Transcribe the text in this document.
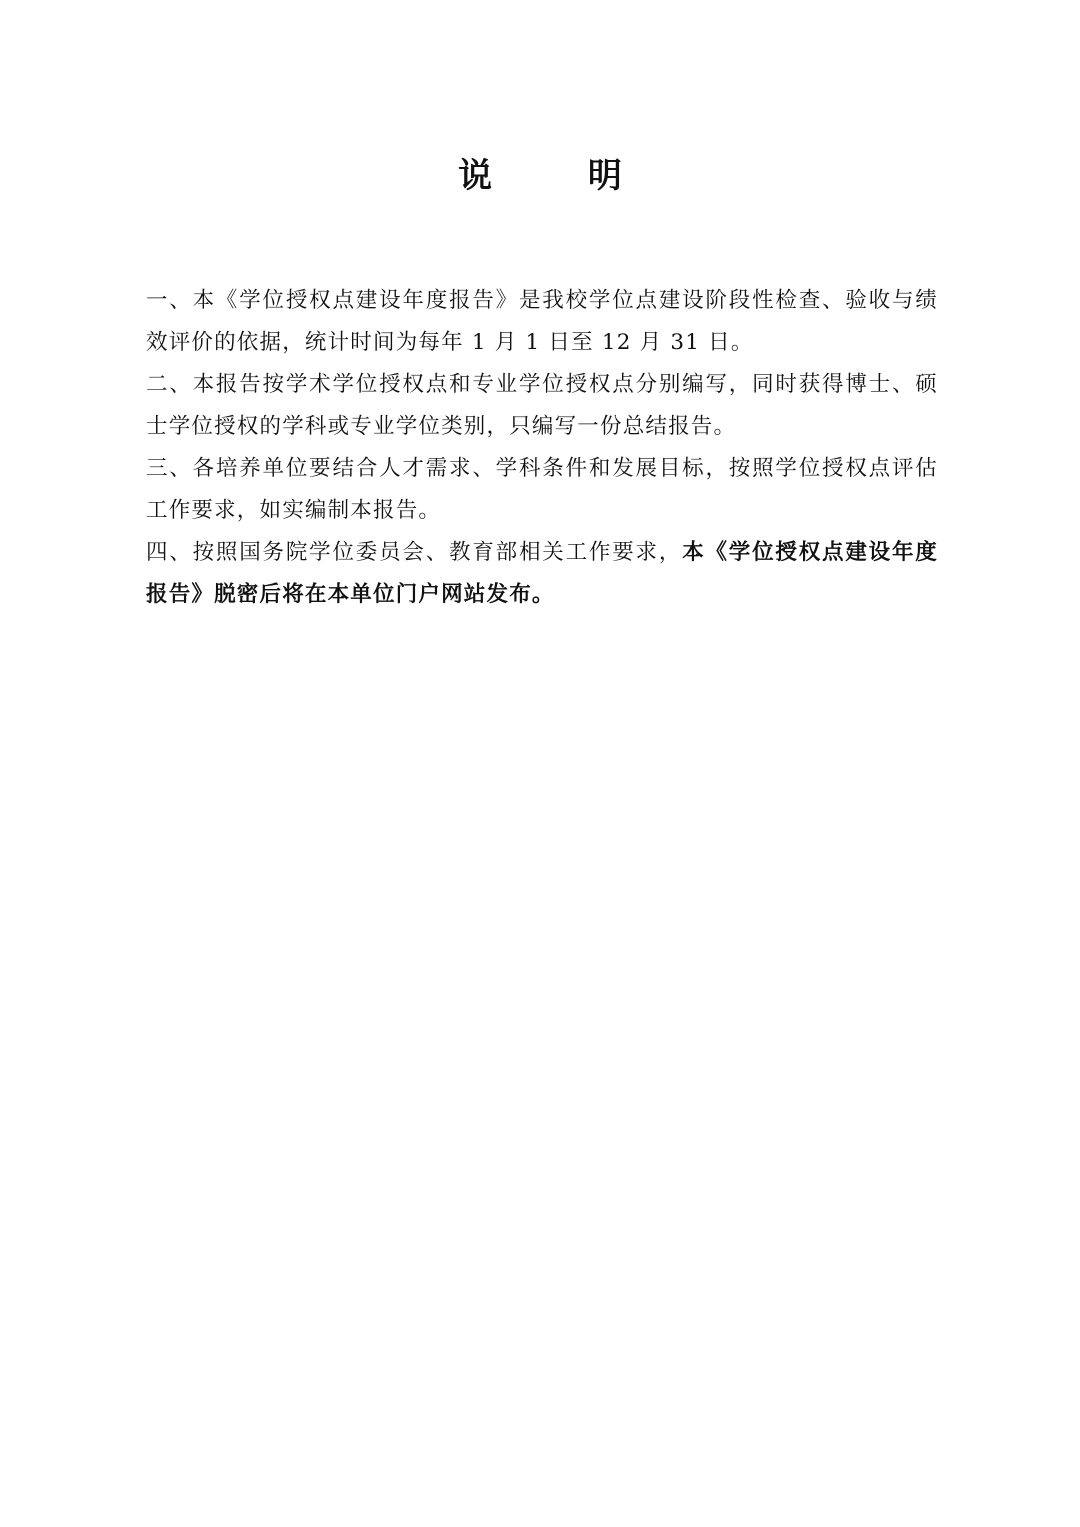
说 明

一、本《学位授权点建设年度报告》是我校学位点建设阶段性检查、验收与绩效评价的依据，统计时间为每年 1 月 1 日至 12 月 31 日。

二、本报告按学术学位授权点和专业学位授权点分别编写，同时获得博士、硕士学位授权的学科或专业学位类别，只编写一份总结报告。

三、各培养单位要结合人才需求、学科条件和发展目标，按照学位授权点评估工作要求，如实编制本报告。

四、按照国务院学位委员会、教育部相关工作要求，本《学位授权点建设年度报告》脱密后将在本单位门户网站发布。
